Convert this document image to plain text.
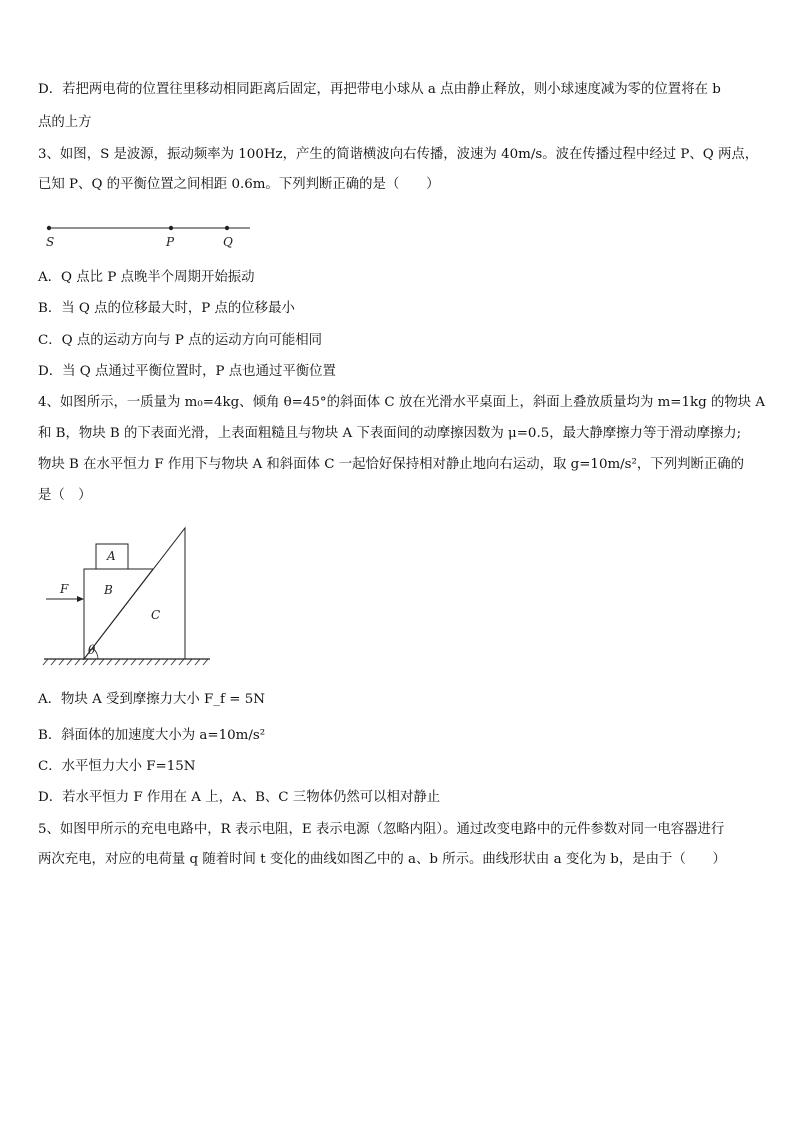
D．若把两电荷的位置往里移动相同距离后固定，再把带电小球从 a 点由静止释放，则小球速度减为零的位置将在 b
点的上方
3、如图，S 是波源，振动频率为 100Hz，产生的简谐横波向右传播，波速为 40m/s。波在传播过程中经过 P、Q 两点，
已知 P、Q 的平衡位置之间相距 0.6m。下列判断正确的是（　　）
S	P	Q
A．Q 点比 P 点晚半个周期开始振动
B．当 Q 点的位移最大时，P 点的位移最小
C．Q 点的运动方向与 P 点的运动方向可能相同
D．当 Q 点通过平衡位置时，P 点也通过平衡位置
4、如图所示，一质量为 m₀=4kg、倾角 θ=45°的斜面体 C 放在光滑水平桌面上，斜面上叠放质量均为 m=1kg 的物块 A
和 B，物块 B 的下表面光滑，上表面粗糙且与物块 A 下表面间的动摩擦因数为 μ=0.5，最大静摩擦力等于滑动摩擦力;
物块 B 在水平恒力 F 作用下与物块 A 和斜面体 C 一起恰好保持相对静止地向右运动，取 g=10m/s²，下列判断正确的
是（　）
A
B
C
F
θ
A．物块 A 受到摩擦力大小 F_f = 5N
B．斜面体的加速度大小为 a=10m/s²
C．水平恒力大小 F=15N
D．若水平恒力 F 作用在 A 上，A、B、C 三物体仍然可以相对静止
5、如图甲所示的充电电路中，R 表示电阻，E 表示电源（忽略内阻）。通过改变电路中的元件参数对同一电容器进行
两次充电，对应的电荷量 q 随着时间 t 变化的曲线如图乙中的 a、b 所示。曲线形状由 a 变化为 b，是由于（　　）
